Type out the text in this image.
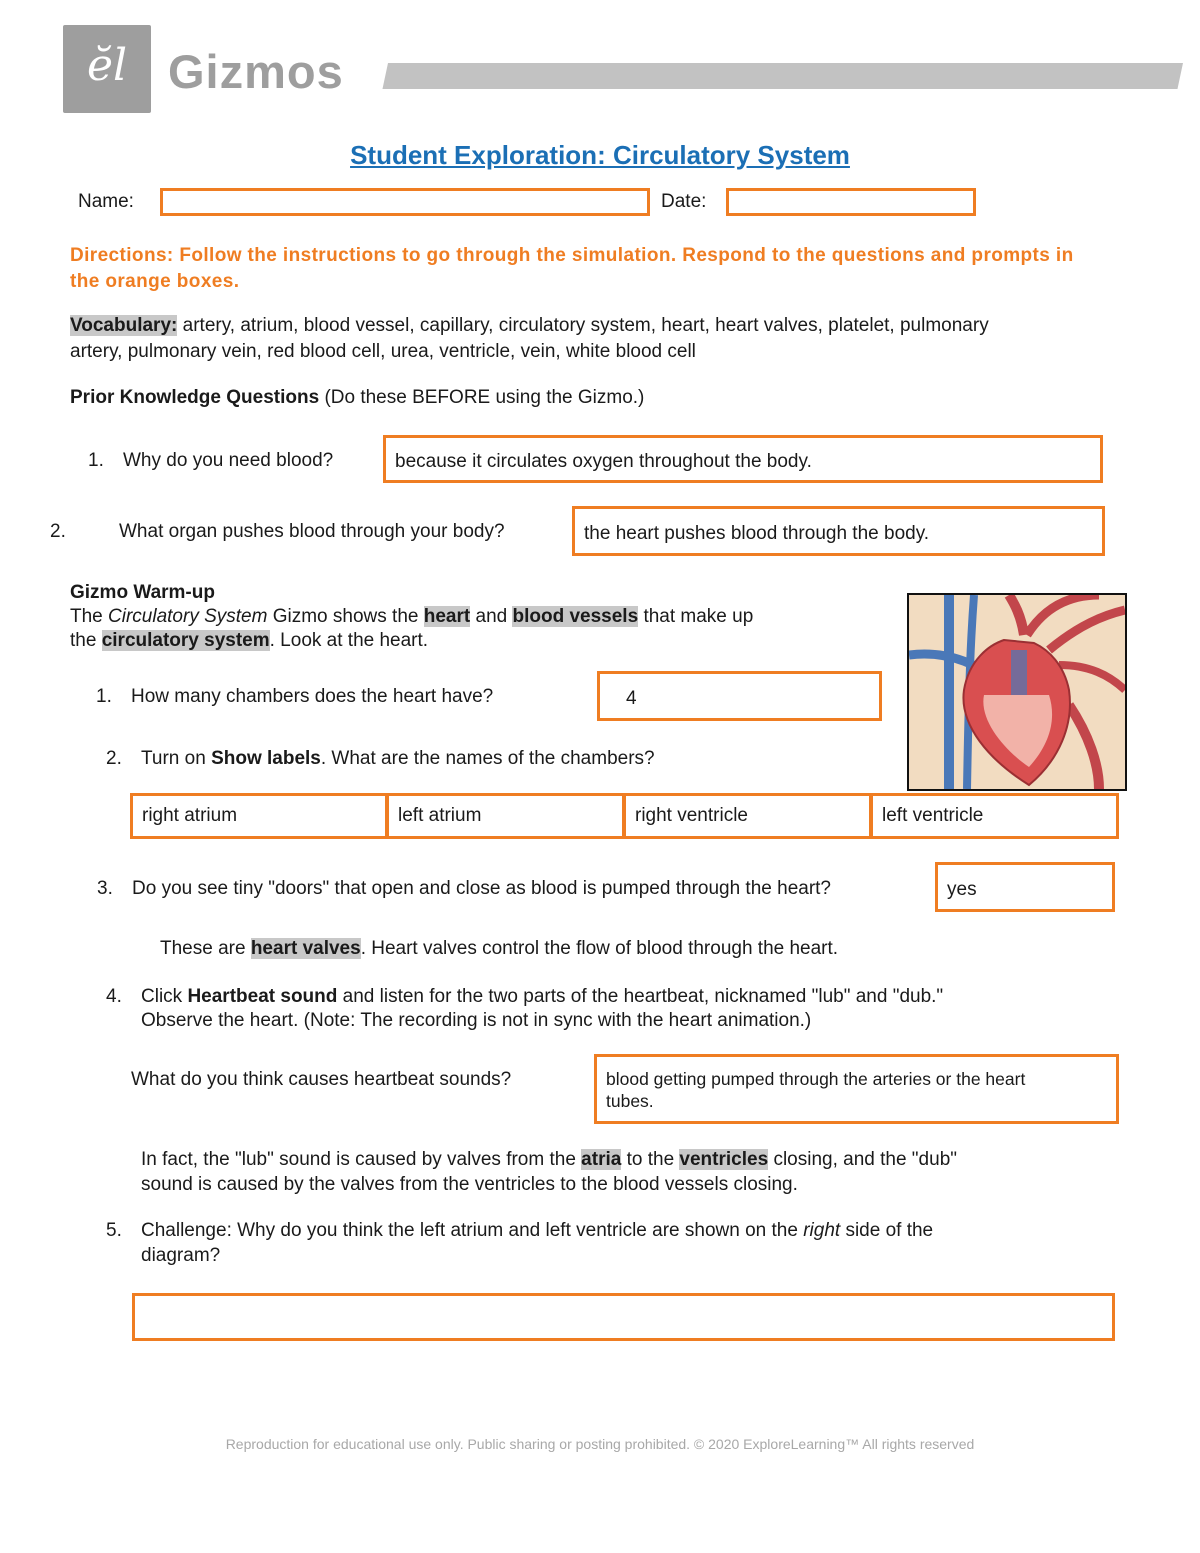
ĕl Gizmos
Student Exploration: Circulatory System
Name:	Date:
Directions: Follow the instructions to go through the simulation. Respond to the questions and prompts in the orange boxes.
Vocabulary: artery, atrium, blood vessel, capillary, circulatory system, heart, heart valves, platelet, pulmonary
artery, pulmonary vein, red blood cell, urea, ventricle, vein, white blood cell
Prior Knowledge Questions (Do these BEFORE using the Gizmo.)
1. Why do you need blood?	because it circulates oxygen throughout the body.
2.	What organ pushes blood through your body?	the heart pushes blood through the body.
Gizmo Warm-up
The Circulatory System Gizmo shows the heart and blood vessels that make up
the circulatory system. Look at the heart.
1. How many chambers does the heart have?	4
2. Turn on Show labels. What are the names of the chambers?
right atrium	left atrium	right ventricle	left ventricle
3. Do you see tiny "doors" that open and close as blood is pumped through the heart?	yes
These are heart valves. Heart valves control the flow of blood through the heart.
4. Click Heartbeat sound and listen for the two parts of the heartbeat, nicknamed "lub" and "dub."
Observe the heart. (Note: The recording is not in sync with the heart animation.)
What do you think causes heartbeat sounds?	blood getting pumped through the arteries or the heart
tubes.
In fact, the "lub" sound is caused by valves from the atria to the ventricles closing, and the "dub"
sound is caused by the valves from the ventricles to the blood vessels closing.
5. Challenge: Why do you think the left atrium and left ventricle are shown on the right side of the
diagram?
Reproduction for educational use only. Public sharing or posting prohibited. © 2020 ExploreLearning™ All rights reserved
